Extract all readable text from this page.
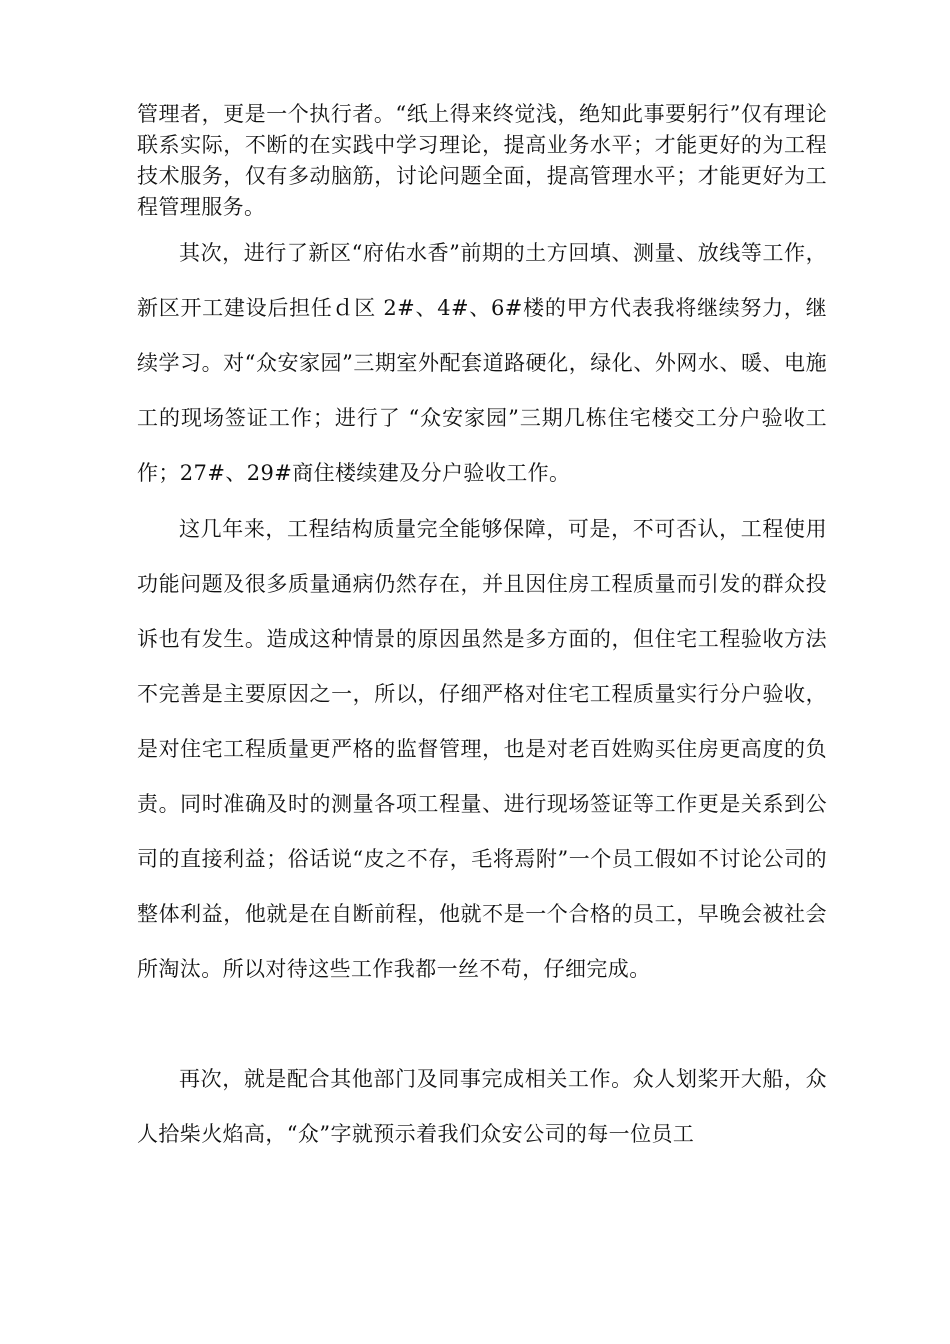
管理者，更是一个执行者。“纸上得来终觉浅，绝知此事要躬行”仅有理论联系实际，不断的在实践中学习理论，提高业务水平；才能更好的为工程技术服务，仅有多动脑筋，讨论问题全面，提高管理水平；才能更好为工程管理服务。

其次，进行了新区“府佑水香”前期的土方回填、测量、放线等工作，新区开工建设后担任ｄ区 2#、4#、6#楼的甲方代表我将继续努力，继续学习。对“众安家园”三期室外配套道路硬化，绿化、外网水、暖、电施工的现场签证工作；进行了 “众安家园”三期几栋住宅楼交工分户验收工作；27#、29#商住楼续建及分户验收工作。

这几年来，工程结构质量完全能够保障，可是，不可否认，工程使用功能问题及很多质量通病仍然存在，并且因住房工程质量而引发的群众投诉也有发生。造成这种情景的原因虽然是多方面的，但住宅工程验收方法不完善是主要原因之一，所以，仔细严格对住宅工程质量实行分户验收，是对住宅工程质量更严格的监督管理，也是对老百姓购买住房更高度的负责。同时准确及时的测量各项工程量、进行现场签证等工作更是关系到公司的直接利益；俗话说“皮之不存，毛将焉附”一个员工假如不讨论公司的整体利益，他就是在自断前程，他就不是一个合格的员工，早晚会被社会所淘汰。所以对待这些工作我都一丝不苟，仔细完成。

再次，就是配合其他部门及同事完成相关工作。众人划桨开大船，众人拾柴火焰高，“众”字就预示着我们众安公司的每一位员工
